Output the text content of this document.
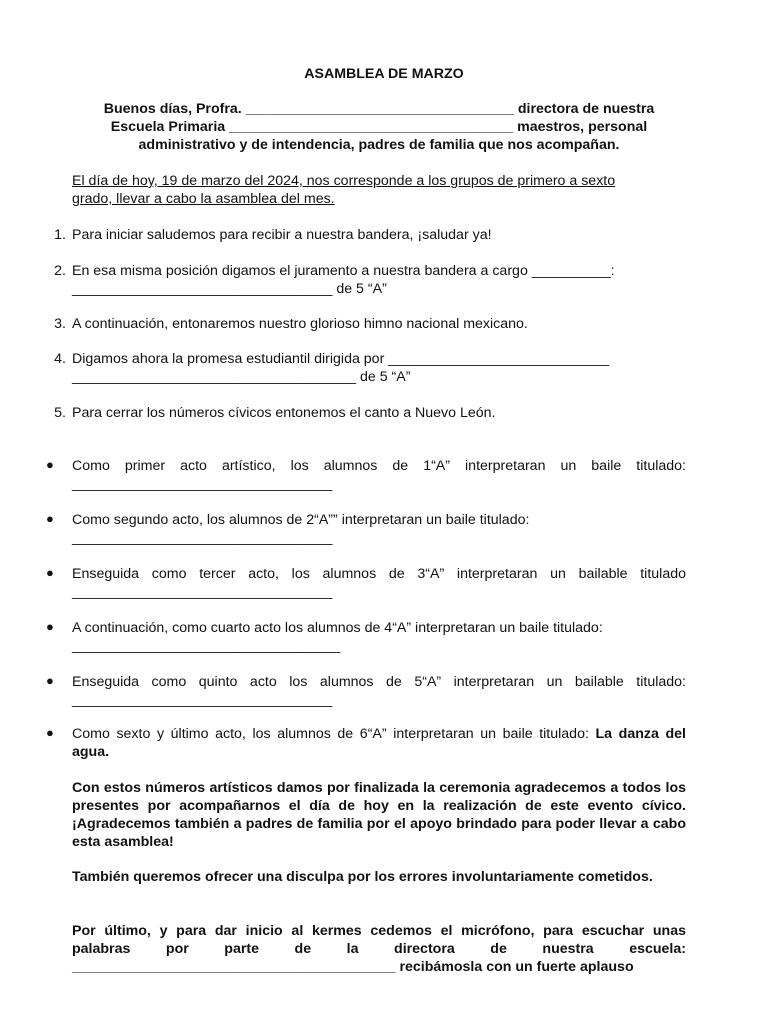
ASAMBLEA DE MARZO
Buenos días, Profra. __________________________________ directora de nuestra
Escuela Primaria ____________________________________ maestros, personal
administrativo y de intendencia, padres de familia que nos acompañan.
El día de hoy, 19 de marzo del 2024, nos corresponde a los grupos de primero a sexto
grado, llevar a cabo la asamblea del mes.
1. Para iniciar saludemos para recibir a nuestra bandera, ¡saludar ya!
2. En esa misma posición digamos el juramento a nuestra bandera a cargo __________:
_________________________________ de 5 “A”
3. A continuación, entonaremos nuestro glorioso himno nacional mexicano.
4. Digamos ahora la promesa estudiantil dirigida por ____________________________
____________________________________ de 5 “A”
5. Para cerrar los números cívicos entonemos el canto a Nuevo León.
● Como primer acto artístico, los alumnos de 1“A” interpretaran un baile titulado:
_________________________________
● Como segundo acto, los alumnos de 2“A”” interpretaran un baile titulado:
_________________________________
● Enseguida como tercer acto, los alumnos de 3“A” interpretaran un bailable titulado
_________________________________
● A continuación, como cuarto acto los alumnos de 4“A” interpretaran un baile titulado:
__________________________________
● Enseguida como quinto acto los alumnos de 5“A” interpretaran un bailable titulado:
_________________________________
● Como sexto y último acto, los alumnos de 6“A” interpretaran un baile titulado: La danza del agua.
Con estos números artísticos damos por finalizada la ceremonia agradecemos a todos los presentes por acompañarnos el día de hoy en la realización de este evento cívico. ¡Agradecemos también a padres de familia por el apoyo brindado para poder llevar a cabo esta asamblea!
También queremos ofrecer una disculpa por los errores involuntariamente cometidos.
Por último, y para dar inicio al kermes cedemos el micrófono, para escuchar unas palabras por parte de la directora de nuestra escuela: _________________________________________ recibámosla con un fuerte aplauso
